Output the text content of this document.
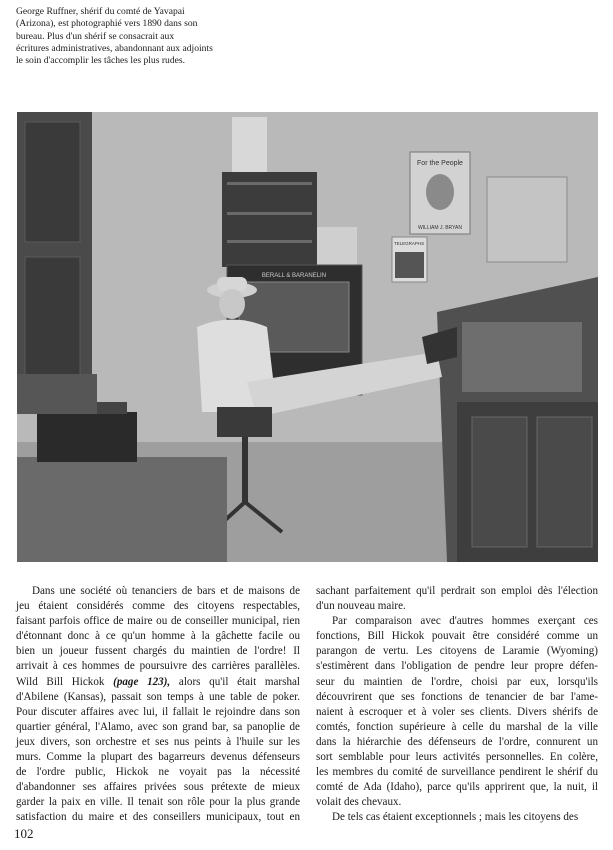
George Ruffner, shérif du comté de Yavapai
(Arizona), est photographié vers 1890 dans son
bureau. Plus d'un shérif se consacrait aux
écritures administratives, abandonnant aux adjoints
le soin d'accomplir les tâches les plus rudes.
For the People
WILLIAM J. BRYAN
TELEGRAPHS
BERALL & BARANELIN
Dans une société où tenanciers de bars et de maisons de
jeu étaient considérés comme des citoyens respectables,
faisant parfois office de maire ou de conseiller municipal, rien
d'étonnant donc à ce qu'un homme à la gâchette facile ou
bien un joueur fussent chargés du maintien de l'ordre! Il
arrivait à ces hommes de poursuivre des carrières parallèles.
Wild Bill Hickok (page 123), alors qu'il était marshal
d'Abilene (Kansas), passait son temps à une table de poker.
Pour discuter affaires avec lui, il fallait le rejoindre dans son
quartier général, l'Alamo, avec son grand bar, sa panoplie de
jeux divers, son orchestre et ses nus peints à l'huile sur les
murs. Comme la plupart des bagarreurs devenus défenseurs
de l'ordre public, Hickok ne voyait pas la nécessité
d'abandonner ses affaires privées sous prétexte de mieux
garder la paix en ville. Il tenait son rôle pour la plus grande
satisfaction du maire et des conseillers municipaux, tout en
sachant parfaitement qu'il perdrait son emploi dès l'élection
d'un nouveau maire.
Par comparaison avec d'autres hommes exerçant ces
fonctions, Bill Hickok pouvait être considéré comme un
parangon de vertu. Les citoyens de Laramie (Wyoming)
s'estimèrent dans l'obligation de pendre leur propre défen-
seur du maintien de l'ordre, choisi par eux, lorsqu'ils
découvrirent que ses fonctions de tenancier de bar l'ame-
naient à escroquer et à voler ses clients. Divers shérifs de
comtés, fonction supérieure à celle du marshal de la ville
dans la hiérarchie des défenseurs de l'ordre, connurent un
sort semblable pour leurs activités personnelles. En colère,
les membres du comité de surveillance pendirent le shérif du
comté de Ada (Idaho), parce qu'ils apprirent que, la nuit, il
volait des chevaux.
De tels cas étaient exceptionnels ; mais les citoyens des
102
